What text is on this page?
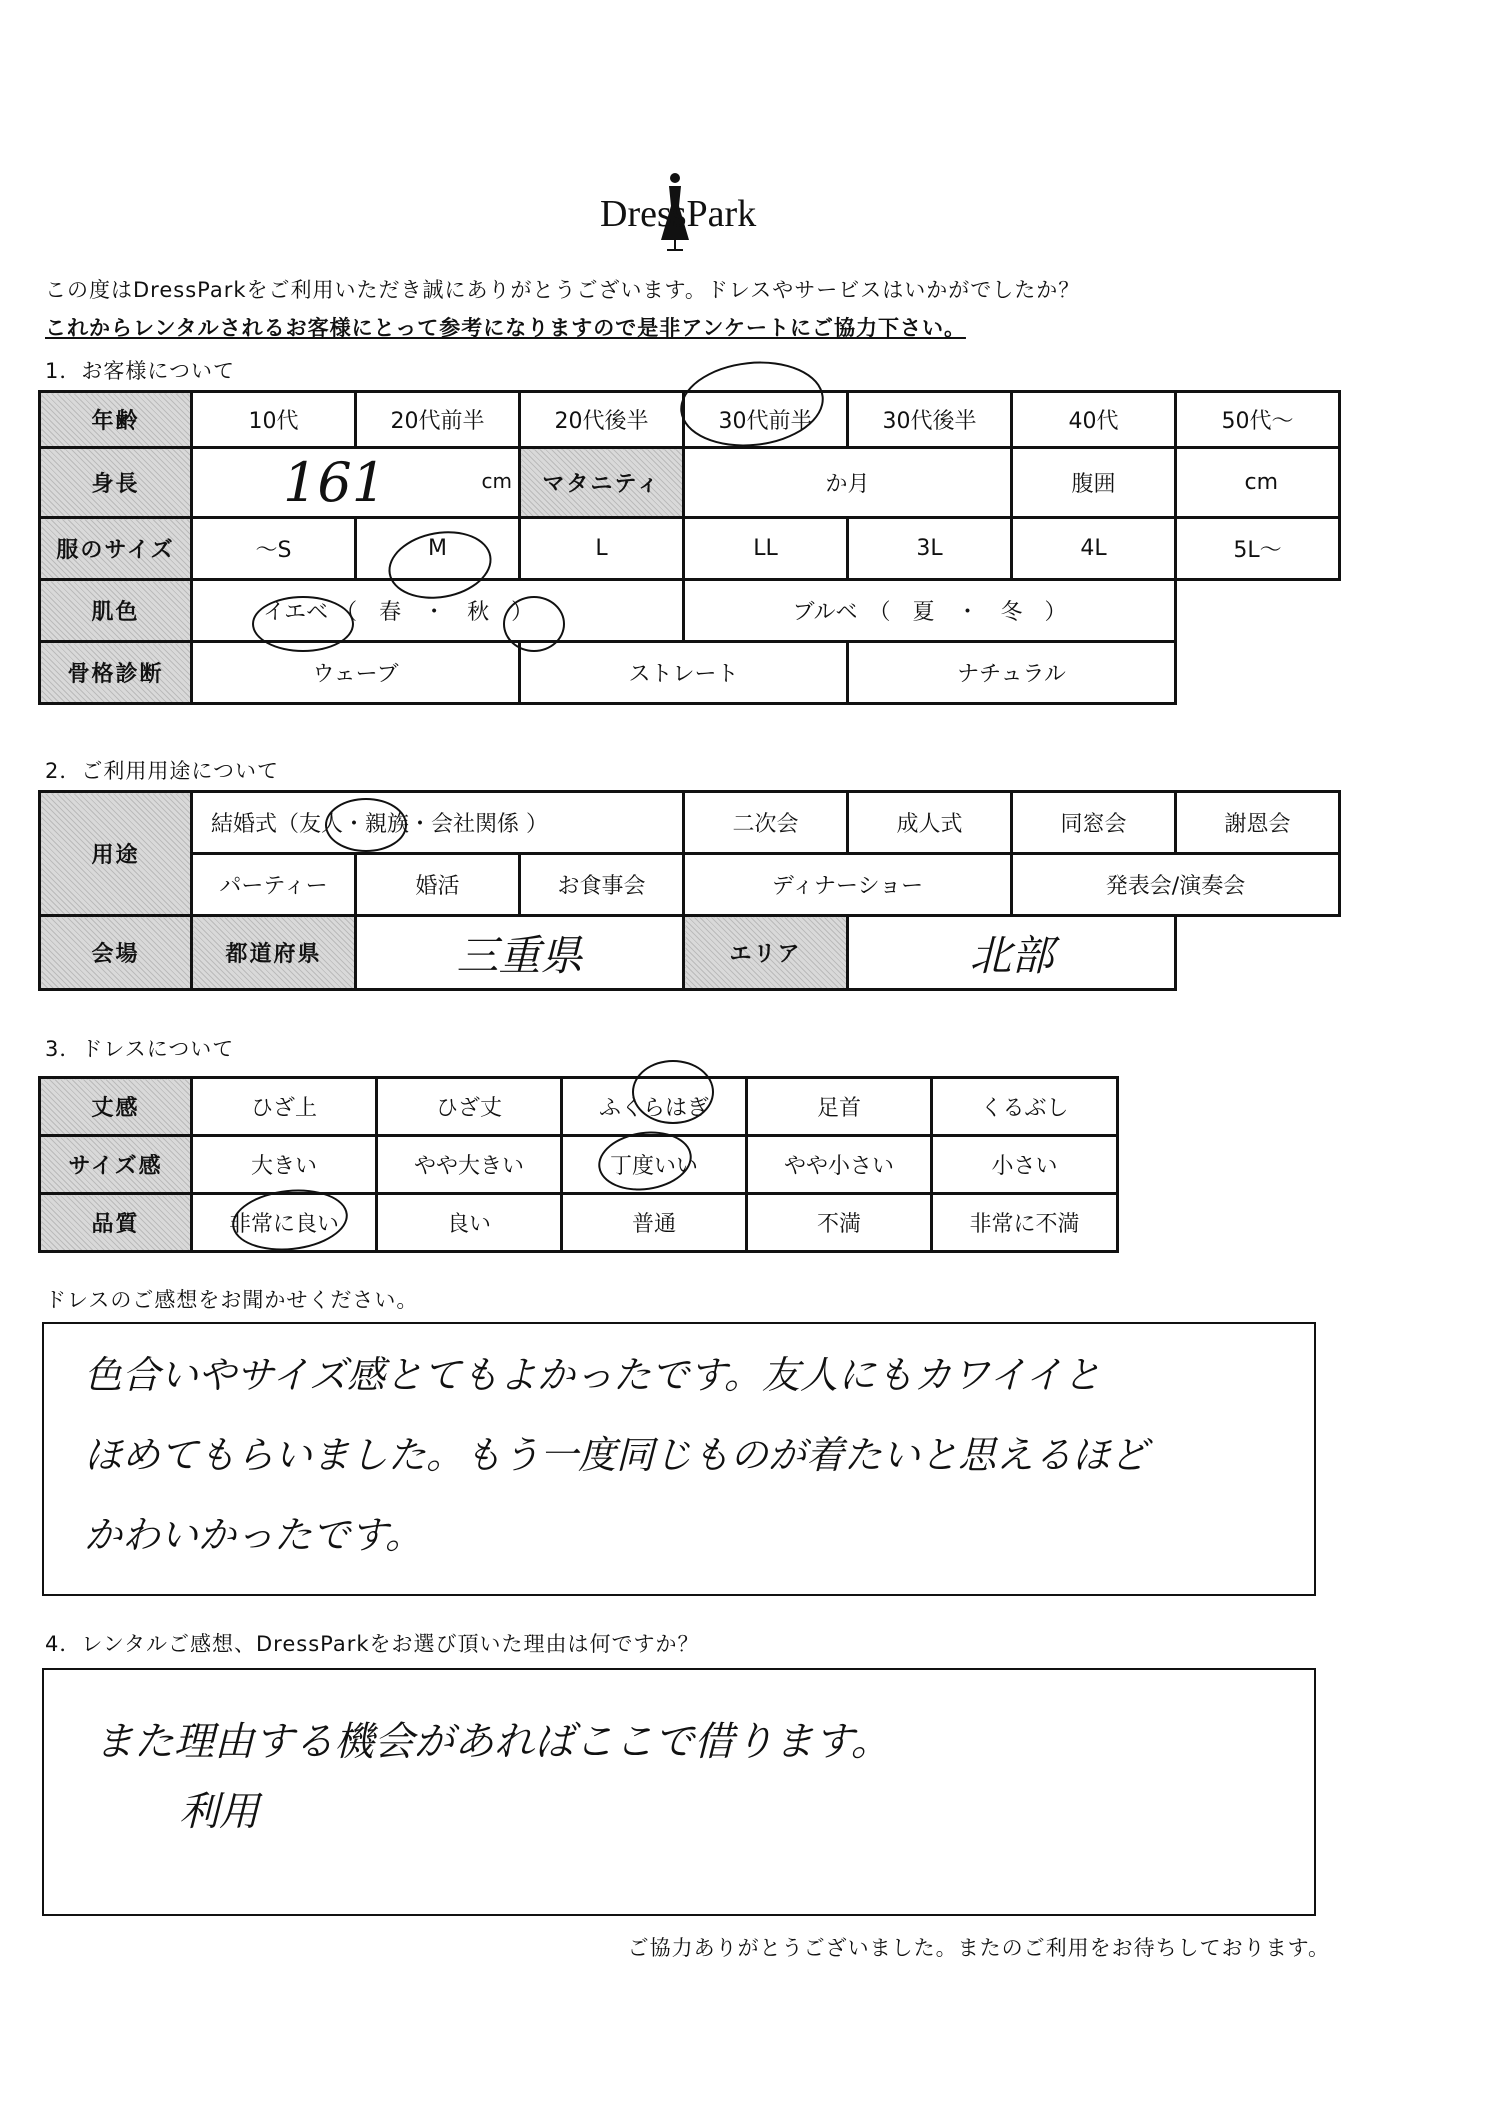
DressPark
この度はDressParkをご利用いただき誠にありがとうございます。ドレスやサービスはいかがでしたか？
これからレンタルされるお客様にとって参考になりますので是非アンケートにご協力下さい。
1．お客様について
年齢	10代	20代前半	20代後半	30代前半	30代後半	40代	50代～
身長	161 cm		マタニティ	か月		腹囲	cm
服のサイズ	～S	M	L	LL	3L	4L	5L～
肌色	イエベ （　春　・　秋　）			ブルベ　（　夏　・　冬　）			
骨格診断	ウェーブ		ストレート		ナチュラル		
2．ご利用用途について
用途	結婚式（友人・親族・会社関係 ）			二次会	成人式	同窓会	謝恩会
	パーティー	婚活	お食事会	ディナーショー		発表会/演奏会	
会場	都道府県	三重県		エリア	北部		
3．ドレスについて
丈感	ひざ上	ひざ丈	ふくらはぎ	足首	くるぶし
サイズ感	大きい	やや大きい	丁度いい	やや小さい	小さい
品質	非常に良い	良い	普通	不満	非常に不満
ドレスのご感想をお聞かせください。
色合いやサイズ感とてもよかったです。友人にもカワイイと
ほめてもらいました。もう一度同じものが着たいと思えるほど
かわいかったです。
4．レンタルご感想、DressParkをお選び頂いた理由は何ですか？
また理由する機会があればここで借ります。
利用
ご協力ありがとうございました。またのご利用をお待ちしております。
